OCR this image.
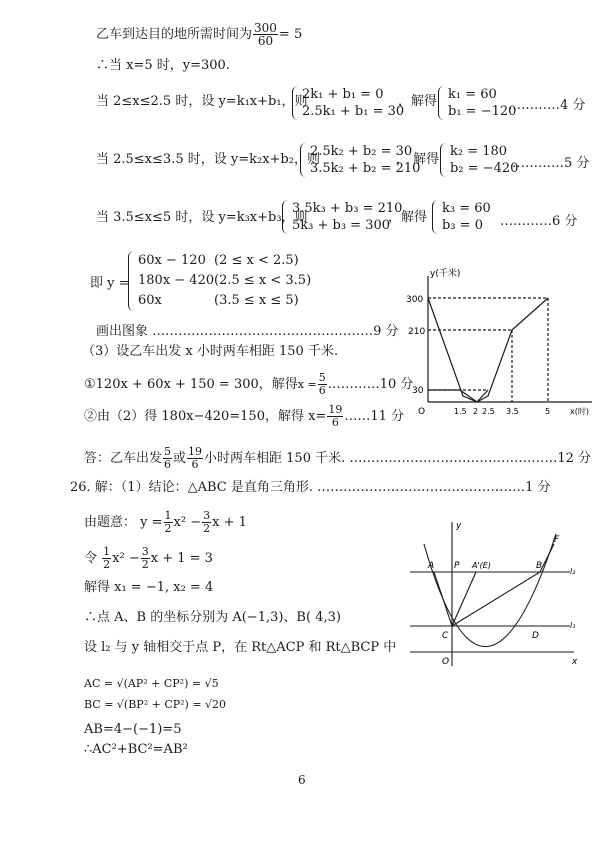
乙车到达目的地所需时间为 $\frac{300}{60} = 5$
∴当 x=5 时，y=300.
当 2≤x≤2.5 时，设 y=k₁x+b₁，则
2k₁ + b₁ = 0
2.5k₁ + b₁ = 30
，解得 k₁ = 60
b₁ = −120
…………4 分
当 2.5≤x≤3.5 时，设 y=k₂x+b₂，则
2.5k₂ + b₂ = 30
3.5k₂ + b₂ = 210
， 解得
k₂ = 180
b₂ = −420
…………5 分
当 3.5≤x≤5 时，设 y=k₃x+b₃，则
3.5k₃ + b₃ = 210
5k₃ + b₃ = 300
，解得
k₃ = 60
b₃ = 0	…………6 分
即 y =
60x − 120 (2 ≤ x < 2.5)
180x − 420(2.5 ≤ x < 3.5)
60x	(3.5 ≤ x ≤ 5)
画出图象 ……………………………………………9 分
（3）设乙车出发 x 小时两车相距 150 千米.
①120x + 60x + 150 = 300，解得$x = \frac{5}{6}$ …………10 分
②由（2）得 180x−420=150，解得 $x= \frac{19}{6}$ ……11 分
答：乙车出发 $\frac{5}{6}$ 或 $\frac{19}{6}$ 小时两车相距 150 千米. …………………………………………12 分
26. 解：（1）结论：△ABC 是直角三角形. …………………………………………1 分
由题意： $y = \frac{1}{2} x^2 - \frac{3}{2}$ x + 1
令 $\frac{1}{2} x^2 - \frac{3}{2}$ x + 1 = 3
解得 x₁ = −1, x₂ = 4
∴点 A、B 的坐标分别为 A(−1,3)、B( 4,3)
设 l₂ 与 y 轴相交于点 P，在 Rt△ACP 和 Rt△BCP 中
AC = √(AP² + CP²) = √5
BC = √(BP² + CP²) = √20
AB=4−(−1)=5
∴AC²+BC²=AB²
6
y(千米)
x(时)
300
210
30
O	1.5 2 2.5 3.5	5
y
A P A'(E)	B
F
l₂
C	D
l₁
O	x
